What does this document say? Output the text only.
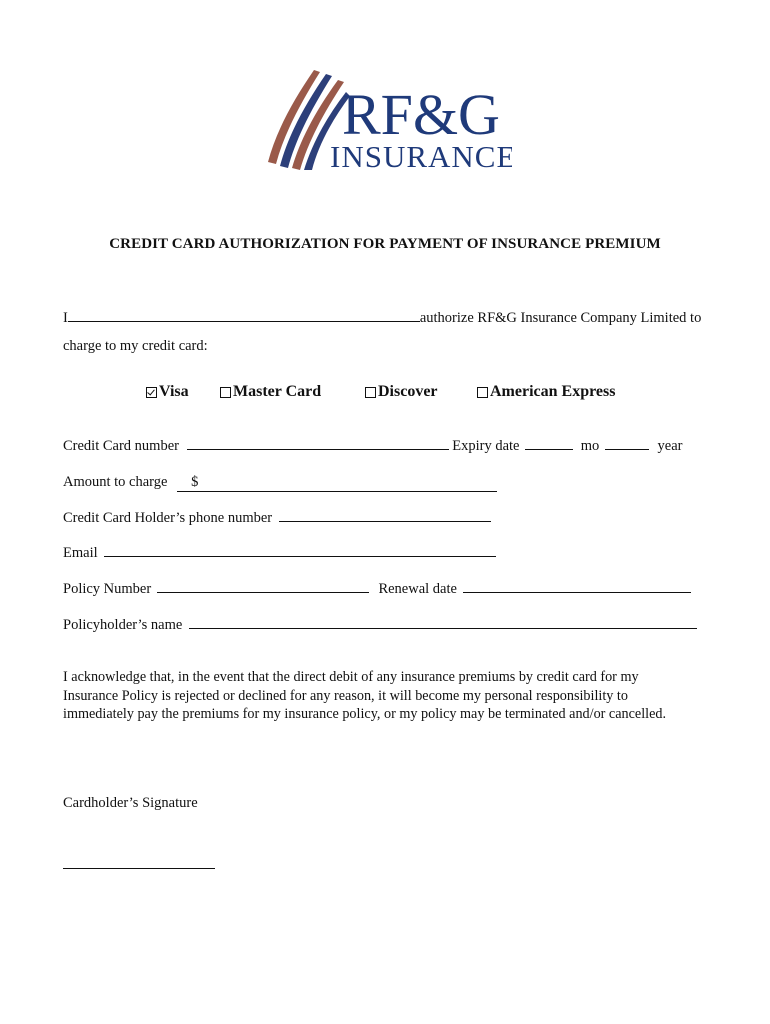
RF&G
INSURANCE
CREDIT CARD AUTHORIZATION FOR PAYMENT OF INSURANCE PREMIUM
I	authorize RF&G Insurance Company Limited to
charge to my credit card:
Visa	Master Card	Discover	American Express
Credit Card number	Expiry date	mo	year
Amount to charge $
Credit Card Holder’s phone number
Email
Policy Number	Renewal date
Policyholder’s name
I acknowledge that, in the event that the direct debit of any insurance premiums by credit card for my
Insurance Policy is rejected or declined for any reason, it will become my personal responsibility to
immediately pay the premiums for my insurance policy, or my policy may be terminated and/or cancelled.
Cardholder’s Signature
